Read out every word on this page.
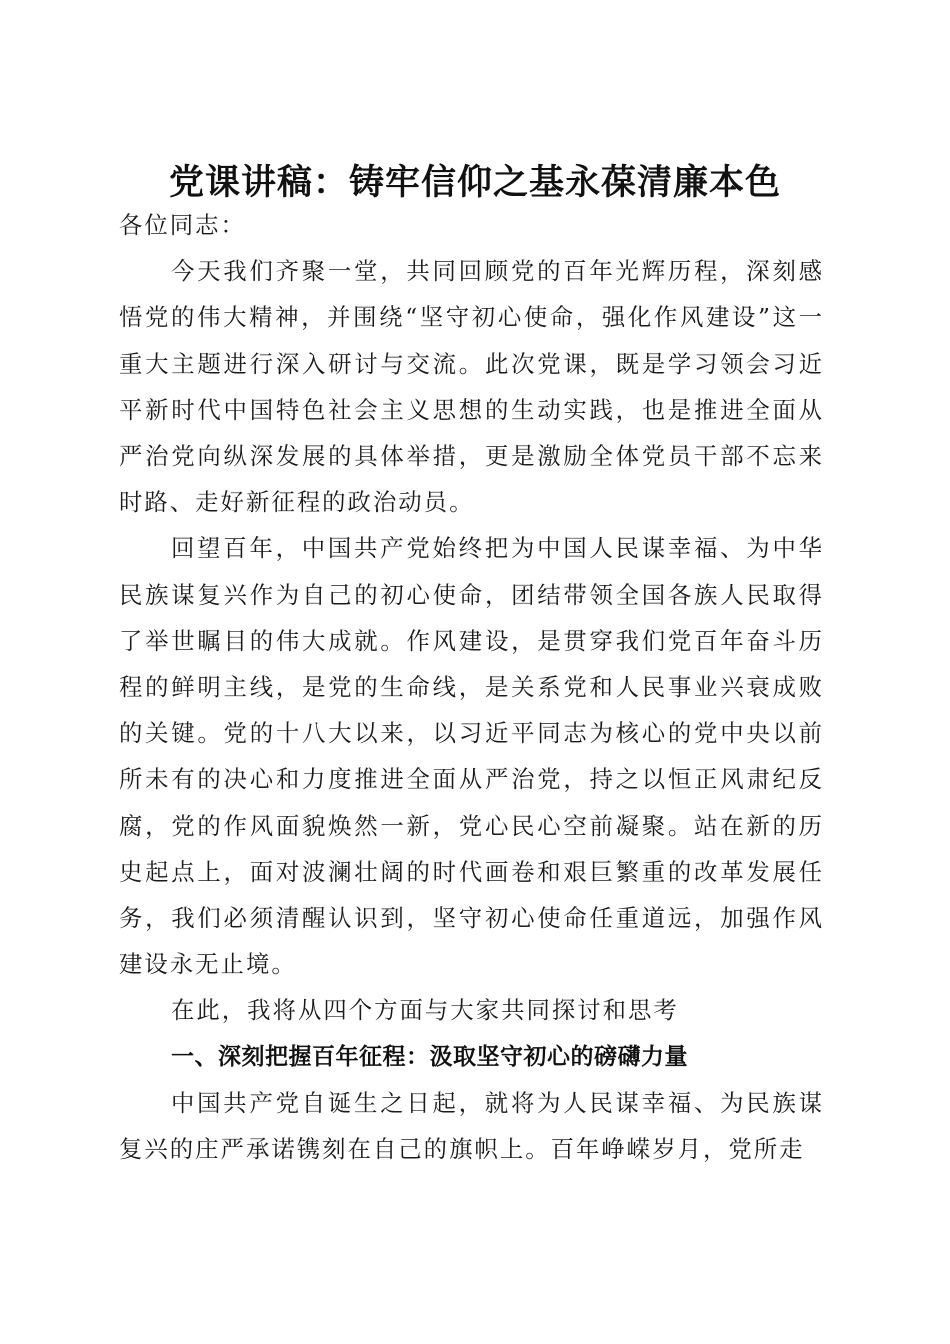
党课讲稿：铸牢信仰之基永葆清廉本色

各位同志：

今天我们齐聚一堂，共同回顾党的百年光辉历程，深刻感悟党的伟大精神，并围绕“坚守初心使命，强化作风建设”这一重大主题进行深入研讨与交流。此次党课，既是学习领会习近平新时代中国特色社会主义思想的生动实践，也是推进全面从严治党向纵深发展的具体举措，更是激励全体党员干部不忘来时路、走好新征程的政治动员。

回望百年，中国共产党始终把为中国人民谋幸福、为中华民族谋复兴作为自己的初心使命，团结带领全国各族人民取得了举世瞩目的伟大成就。作风建设，是贯穿我们党百年奋斗历程的鲜明主线，是党的生命线，是关系党和人民事业兴衰成败的关键。党的十八大以来，以习近平同志为核心的党中央以前所未有的决心和力度推进全面从严治党，持之以恒正风肃纪反腐，党的作风面貌焕然一新，党心民心空前凝聚。站在新的历史起点上，面对波澜壮阔的时代画卷和艰巨繁重的改革发展任务，我们必须清醒认识到，坚守初心使命任重道远，加强作风建设永无止境。

在此，我将从四个方面与大家共同探讨和思考

一、深刻把握百年征程：汲取坚守初心的磅礴力量

中国共产党自诞生之日起，就将为人民谋幸福、为民族谋复兴的庄严承诺镌刻在自己的旗帜上。百年峥嵘岁月，党所走
